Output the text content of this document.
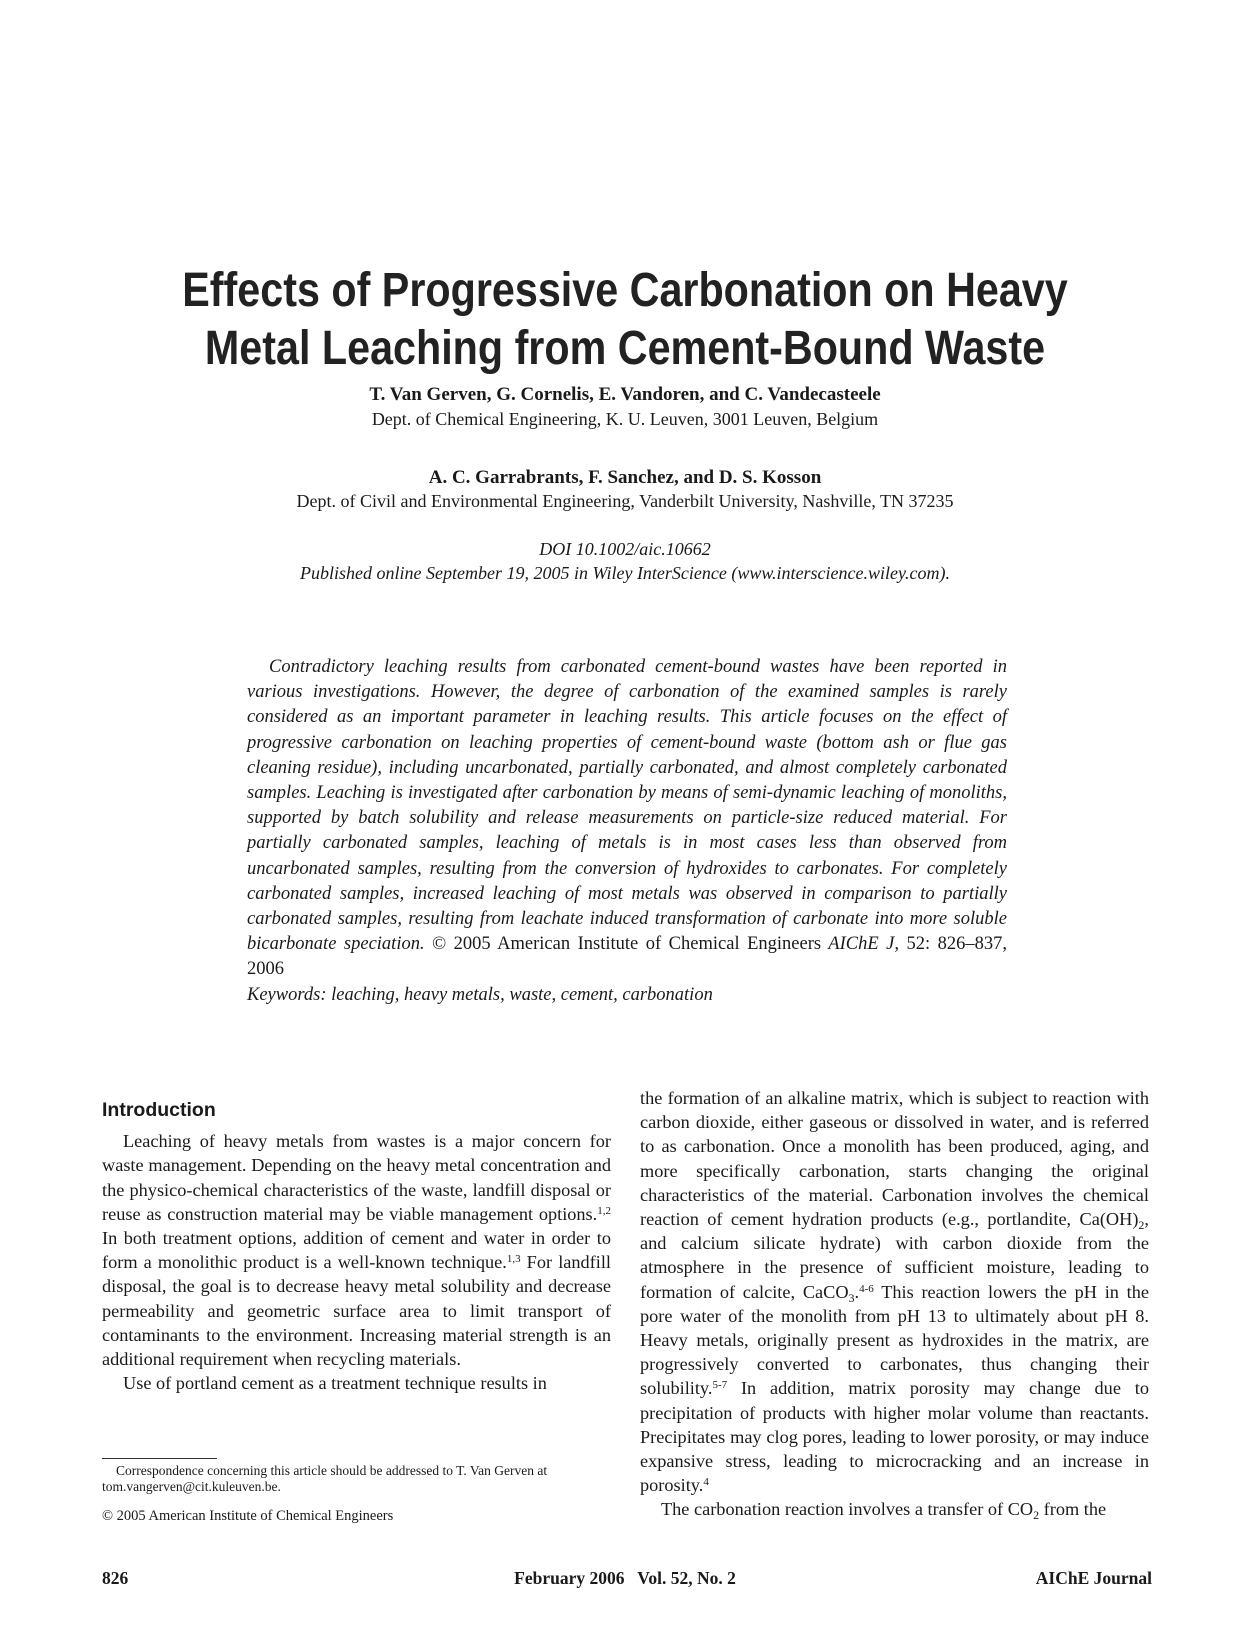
Effects of Progressive Carbonation on Heavy
Metal Leaching from Cement-Bound Waste
T. Van Gerven, G. Cornelis, E. Vandoren, and C. Vandecasteele
Dept. of Chemical Engineering, K. U. Leuven, 3001 Leuven, Belgium
A. C. Garrabrants, F. Sanchez, and D. S. Kosson
Dept. of Civil and Environmental Engineering, Vanderbilt University, Nashville, TN 37235
DOI 10.1002/aic.10662
Published online September 19, 2005 in Wiley InterScience (www.interscience.wiley.com).
Contradictory leaching results from carbonated cement-bound wastes have been reported in various investigations. However, the degree of carbonation of the examined samples is rarely considered as an important parameter in leaching results. This article focuses on the effect of progressive carbonation on leaching properties of cement-bound waste (bottom ash or flue gas cleaning residue), including uncarbonated, partially carbonated, and almost completely carbonated samples. Leaching is investigated after carbonation by means of semi-dynamic leaching of monoliths, supported by batch solubility and release measurements on particle-size reduced material. For partially carbonated samples, leaching of metals is in most cases less than observed from uncarbonated samples, resulting from the conversion of hydroxides to carbonates. For completely carbonated samples, increased leaching of most metals was observed in comparison to partially carbonated samples, resulting from leachate induced transformation of carbonate into more soluble bicarbonate speciation. © 2005 American Institute of Chemical Engineers AIChE J, 52: 826–837, 2006
Keywords: leaching, heavy metals, waste, cement, carbonation
Introduction

Leaching of heavy metals from wastes is a major concern for waste management. Depending on the heavy metal concentration and the physico-chemical characteristics of the waste, landfill disposal or reuse as construction material may be viable management options.$^{1,2}$ In both treatment options, addition of cement and water in order to form a monolithic product is a well-known technique.$^{1,3}$ For landfill disposal, the goal is to decrease heavy metal solubility and decrease permeability and geometric surface area to limit transport of contaminants to the environment. Increasing material strength is an additional requirement when recycling materials.

Use of portland cement as a treatment technique results in

the formation of an alkaline matrix, which is subject to reaction with carbon dioxide, either gaseous or dissolved in water, and is referred to as carbonation. Once a monolith has been produced, aging, and more specifically carbonation, starts changing the original characteristics of the material. Carbonation involves the chemical reaction of cement hydration products (e.g., portlandite, $Ca(OH)_2$, and calcium silicate hydrate) with carbon dioxide from the atmosphere in the presence of sufficient moisture, leading to formation of calcite, CaCO$_3$.$^{4-6}$ This reaction lowers the pH in the pore water of the monolith from pH 13 to ultimately about pH 8. Heavy metals, originally present as hydroxides in the matrix, are progressively converted to carbonates, thus changing their solubility.$^{5-7}$ In addition, matrix porosity may change due to precipitation of products with higher molar volume than reactants. Precipitates may clog pores, leading to lower porosity, or may induce expansive stress, leading to microcracking and an increase in porosity.$^4$

The carbonation reaction involves a transfer of $CO_2$ from the

Correspondence concerning this article should be addressed to T. Van Gerven at tom.vangerven@cit.kuleuven.be.
© 2005 American Institute of Chemical Engineers
826	February 2006   Vol. 52, No. 2	AIChE Journal
